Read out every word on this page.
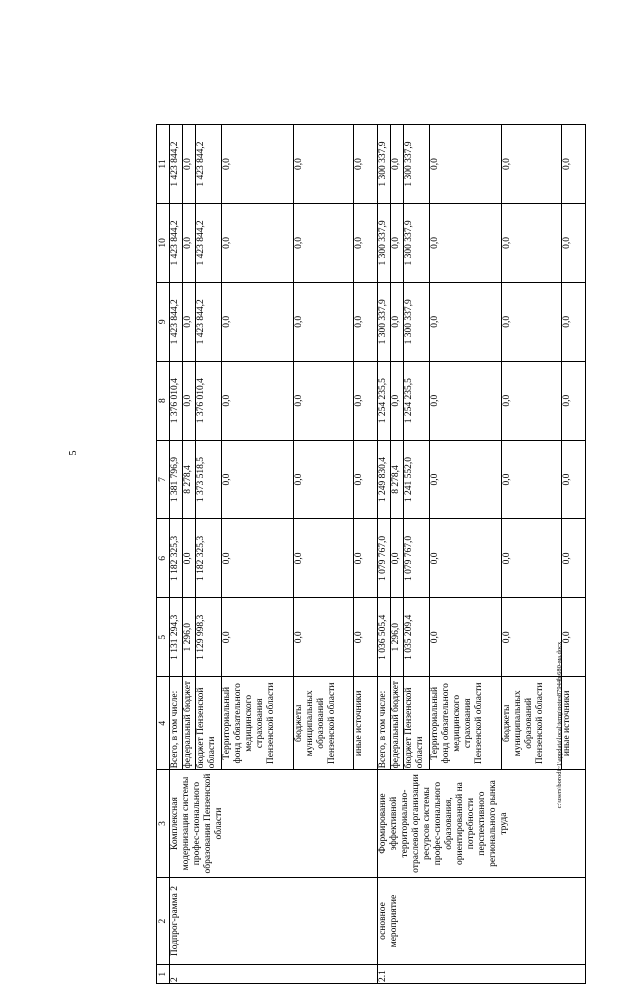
5
1	2	3	4	5	6	7	8	9	10	11
2	Подпрог-рамма 2	Комплексная модернизация системы профес-сионального образования Пензенской области	Всего, в том числе:	1 131 294,3	1 182 325,3	1 381 796,9	1 376 010,4	1 423 844,2	1 423 844,2	1 423 844,2
			федеральный бюджет	1 296,0	0,0	8 278,4	0,0	0,0	0,0	0,0
			бюджет Пензенской области	1 129 998,3	1 182 325,3	1 373 518,5	1 376 010,4	1 423 844,2	1 423 844,2	1 423 844,2
			Территориальный фонд обязательного медицинского страхования Пензенской области	0,0	0,0	0,0	0,0	0,0	0,0	0,0
			бюджеты муниципальных образований Пензенской области	0,0	0,0	0,0	0,0	0,0	0,0	0,0
			иные источники	0,0	0,0	0,0	0,0	0,0	0,0	0,0
2.1	основное мероприятие	Формирование эффективной территориально-отраслевой организации ресурсов системы профес-сионального образования, ориентированной на потребности перспективного регионального рынка труда	Всего, в том числе:	1 036 505,4	1 079 767,0	1 249 830,4	1 254 235,5	1 300 337,9	1 300 337,9	1 300 337,9
			федеральный бюджет	1 296,0	0,0	8 278,4	0,0	0,0	0,0	0,0
			бюджет Пензенской области	1 035 209,4	1 079 767,0	1 241 552,0	1 254 235,5	1 300 337,9	1 300 337,9	1 300 337,9
			Территориальный фонд обязательного медицинского страхования Пензенской области	0,0	0,0	0,0	0,0	0,0	0,0	0,0
			бюджеты муниципальных образований Пензенской области	0,0	0,0	0,0	0,0	0,0	0,0	0,0
			иные источники	0,0	0,0	0,0	0,0	0,0	0,0	0,0
c:\users\borodi~1\appdata\local\temp\notes87944b\680-ма.docx
